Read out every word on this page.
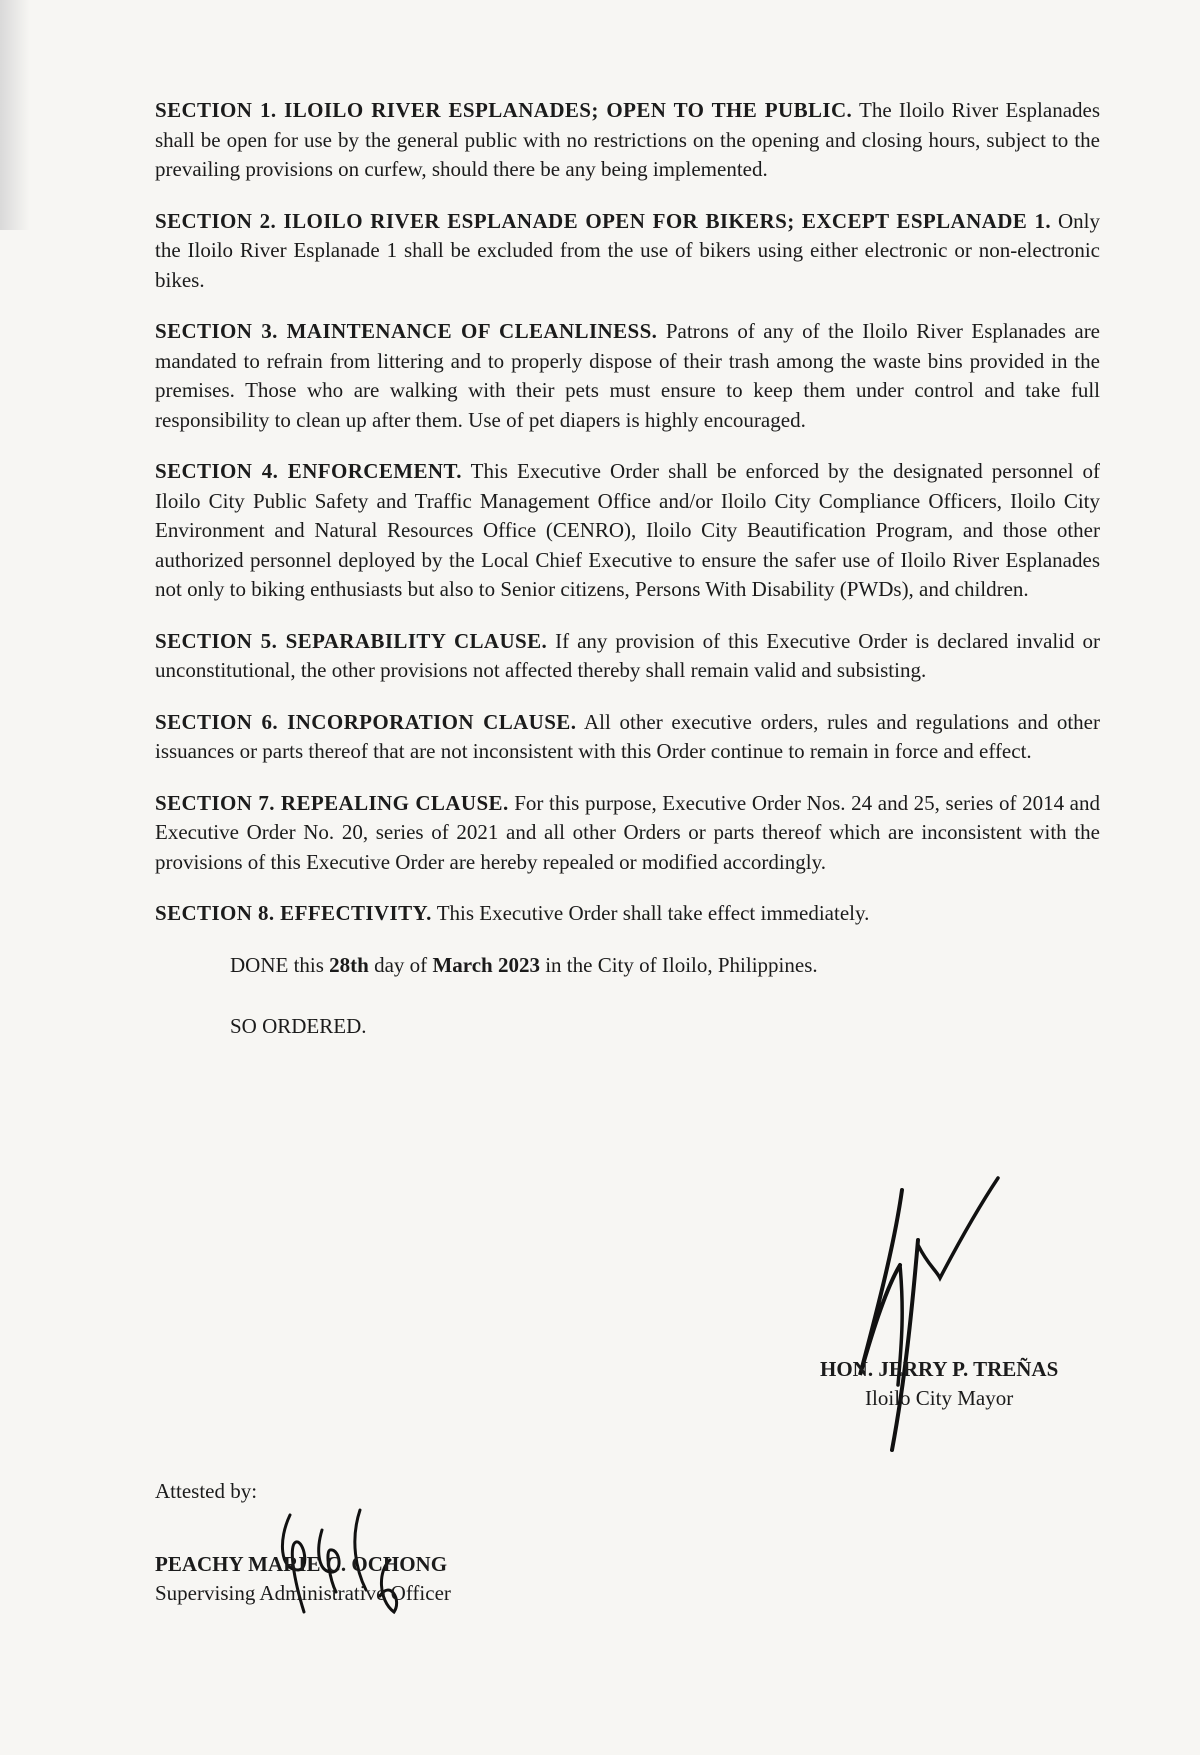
SECTION 1. ILOILO RIVER ESPLANADES; OPEN TO THE PUBLIC. The Iloilo River Esplanades shall be open for use by the general public with no restrictions on the opening and closing hours, subject to the prevailing provisions on curfew, should there be any being implemented.

SECTION 2. ILOILO RIVER ESPLANADE OPEN FOR BIKERS; EXCEPT ESPLANADE 1. Only the Iloilo River Esplanade 1 shall be excluded from the use of bikers using either electronic or non-electronic bikes.

SECTION 3. MAINTENANCE OF CLEANLINESS. Patrons of any of the Iloilo River Esplanades are mandated to refrain from littering and to properly dispose of their trash among the waste bins provided in the premises. Those who are walking with their pets must ensure to keep them under control and take full responsibility to clean up after them. Use of pet diapers is highly encouraged.

SECTION 4. ENFORCEMENT. This Executive Order shall be enforced by the designated personnel of Iloilo City Public Safety and Traffic Management Office and/or Iloilo City Compliance Officers, Iloilo City Environment and Natural Resources Office (CENRO), Iloilo City Beautification Program, and those other authorized personnel deployed by the Local Chief Executive to ensure the safer use of Iloilo River Esplanades not only to biking enthusiasts but also to Senior citizens, Persons With Disability (PWDs), and children.

SECTION 5. SEPARABILITY CLAUSE. If any provision of this Executive Order is declared invalid or unconstitutional, the other provisions not affected thereby shall remain valid and subsisting.

SECTION 6. INCORPORATION CLAUSE. All other executive orders, rules and regulations and other issuances or parts thereof that are not inconsistent with this Order continue to remain in force and effect.

SECTION 7. REPEALING CLAUSE. For this purpose, Executive Order Nos. 24 and 25, series of 2014 and Executive Order No. 20, series of 2021 and all other Orders or parts thereof which are inconsistent with the provisions of this Executive Order are hereby repealed or modified accordingly.

SECTION 8. EFFECTIVITY. This Executive Order shall take effect immediately.

DONE this 28th day of March 2023 in the City of Iloilo, Philippines.

SO ORDERED.

HON. JERRY P. TREÑAS
Iloilo City Mayor
Attested by:
PEACHY MARIE C. OCHONG
Supervising Administrative Officer
